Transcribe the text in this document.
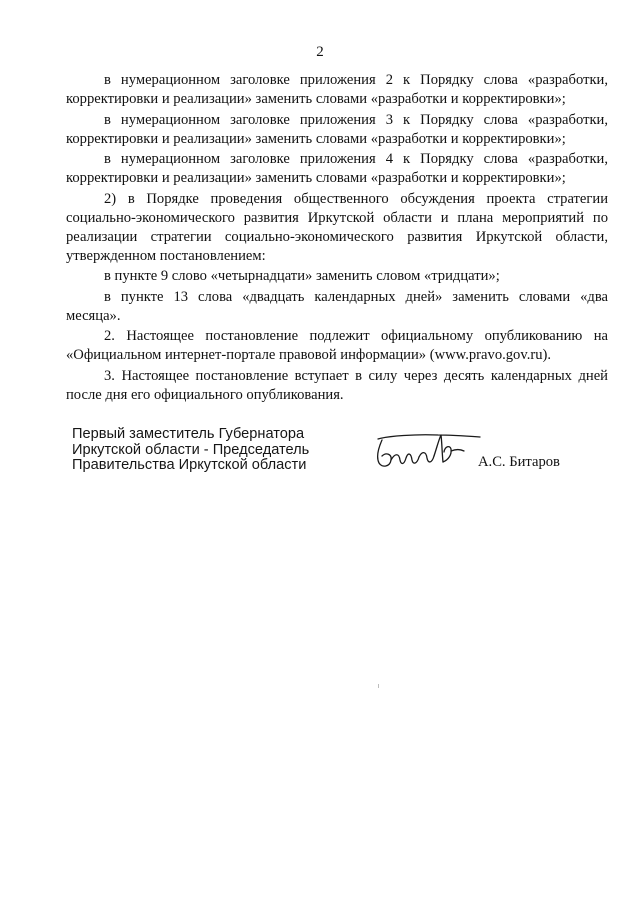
2

в нумерационном заголовке приложения 2 к Порядку слова «разработки, корректировки и реализации» заменить словами «разработки и корректировки»;

в нумерационном заголовке приложения 3 к Порядку слова «разработки, корректировки и реализации» заменить словами «разработки и корректировки»;

в нумерационном заголовке приложения 4 к Порядку слова «разработки, корректировки и реализации» заменить словами «разработки и корректировки»;

2) в Порядке проведения общественного обсуждения проекта стратегии социально-экономического развития Иркутской области и плана мероприятий по реализации стратегии социально-экономического развития Иркутской области, утвержденном постановлением:

в пункте 9 слово «четырнадцати» заменить словом «тридцати»;

в пункте 13 слова «двадцать календарных дней» заменить словами «два месяца».

2. Настоящее постановление подлежит официальному опубликованию на «Официальном интернет-портале правовой информации» (www.pravo.gov.ru).

3. Настоящее постановление вступает в силу через десять календарных дней после дня его официального опубликования.

Первый заместитель Губернатора
Иркутской области - Председатель
Правительства Иркутской области	А.С. Битаров
